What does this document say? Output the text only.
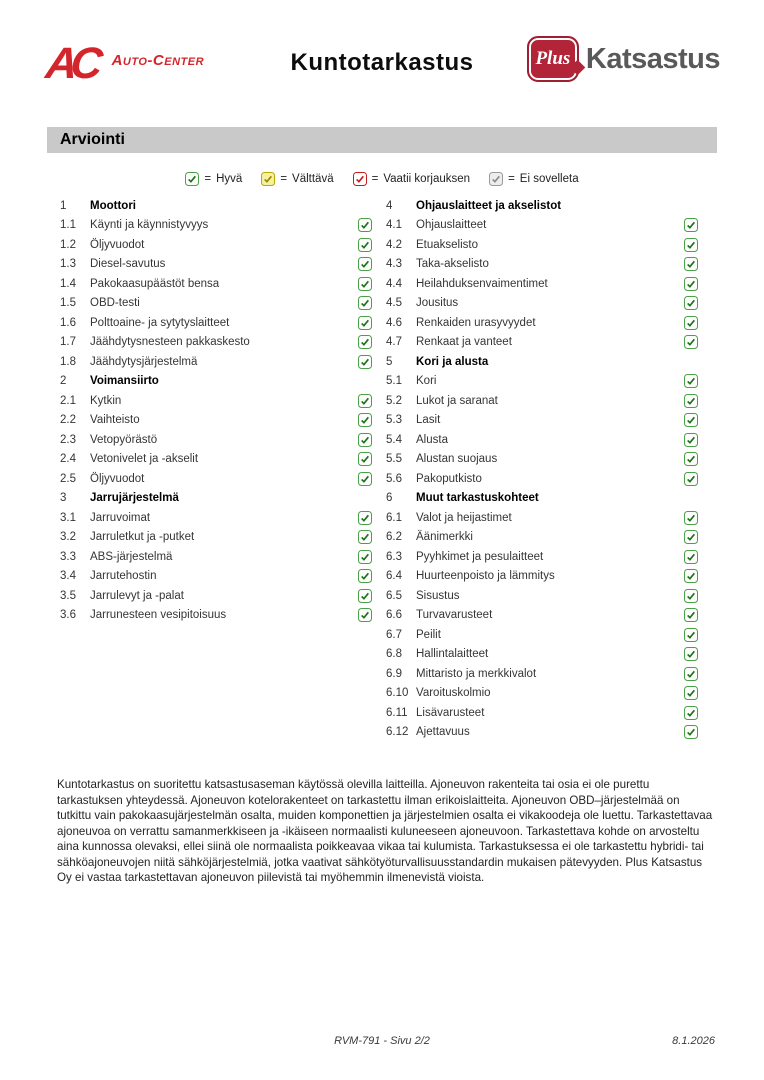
AC Auto-Center	Kuntotarkastus	Plus Katsastus
Arviointi
= Hyvä	= Välttävä	= Vaatii korjauksen	= Ei sovelleta
1	Moottori
1.1	Käynti ja käynnistyvyys
1.2	Öljyvuodot
1.3	Diesel-savutus
1.4	Pakokaasupäästöt bensa
1.5	OBD-testi
1.6	Polttoaine- ja sytytyslaitteet
1.7	Jäähdytysnesteen pakkaskesto
1.8	Jäähdytysjärjestelmä
2	Voimansiirto
2.1	Kytkin
2.2	Vaihteisto
2.3	Vetopyörästö
2.4	Vetonivelet ja -akselit
2.5	Öljyvuodot
3	Jarrujärjestelmä
3.1	Jarruvoimat
3.2	Jarruletkut ja -putket
3.3	ABS-järjestelmä
3.4	Jarrutehostin
3.5	Jarrulevyt ja -palat
3.6	Jarrunesteen vesipitoisuus
4	Ohjauslaitteet ja akselistot
4.1	Ohjauslaitteet
4.2	Etuakselisto
4.3	Taka-akselisto
4.4	Heilahduksenvaimentimet
4.5	Jousitus
4.6	Renkaiden urasyvyydet
4.7	Renkaat ja vanteet
5	Kori ja alusta
5.1	Kori
5.2	Lukot ja saranat
5.3	Lasit
5.4	Alusta
5.5	Alustan suojaus
5.6	Pakoputkisto
6	Muut tarkastuskohteet
6.1	Valot ja heijastimet
6.2	Äänimerkki
6.3	Pyyhkimet ja pesulaitteet
6.4	Huurteenpoisto ja lämmitys
6.5	Sisustus
6.6	Turvavarusteet
6.7	Peilit
6.8	Hallintalaitteet
6.9	Mittaristo ja merkkivalot
6.10 Varoituskolmio
6.11 Lisävarusteet
6.12 Ajettavuus
Kuntotarkastus on suoritettu katsastusaseman käytössä olevilla laitteilla. Ajoneuvon rakenteita tai osia ei ole purettu tarkastuksen yhteydessä. Ajoneuvon kotelorakenteet on tarkastettu ilman erikoislaitteita. Ajoneuvon OBD–järjestelmää on tutkittu vain pakokaasujärjestelmän osalta, muiden komponettien ja järjestelmien osalta ei vikakoodeja ole luettu. Tarkastettavaa ajoneuvoa on verrattu samanmerkkiseen ja -ikäiseen normaalisti kuluneeseen ajoneuvoon. Tarkastettava kohde on arvosteltu aina kunnossa olevaksi, ellei siinä ole normaalista poikkeavaa vikaa tai kulumista. Tarkastuksessa ei ole tarkastettu hybridi- tai sähköajoneuvojen niitä sähköjärjestelmiä, jotka vaativat sähkötyöturvallisuusstandardin mukaisen pätevyyden. Plus Katsastus Oy ei vastaa tarkastettavan ajoneuvon piilevistä tai myöhemmin ilmenevistä vioista.
RVM-791 - Sivu 2/2	8.1.2026
